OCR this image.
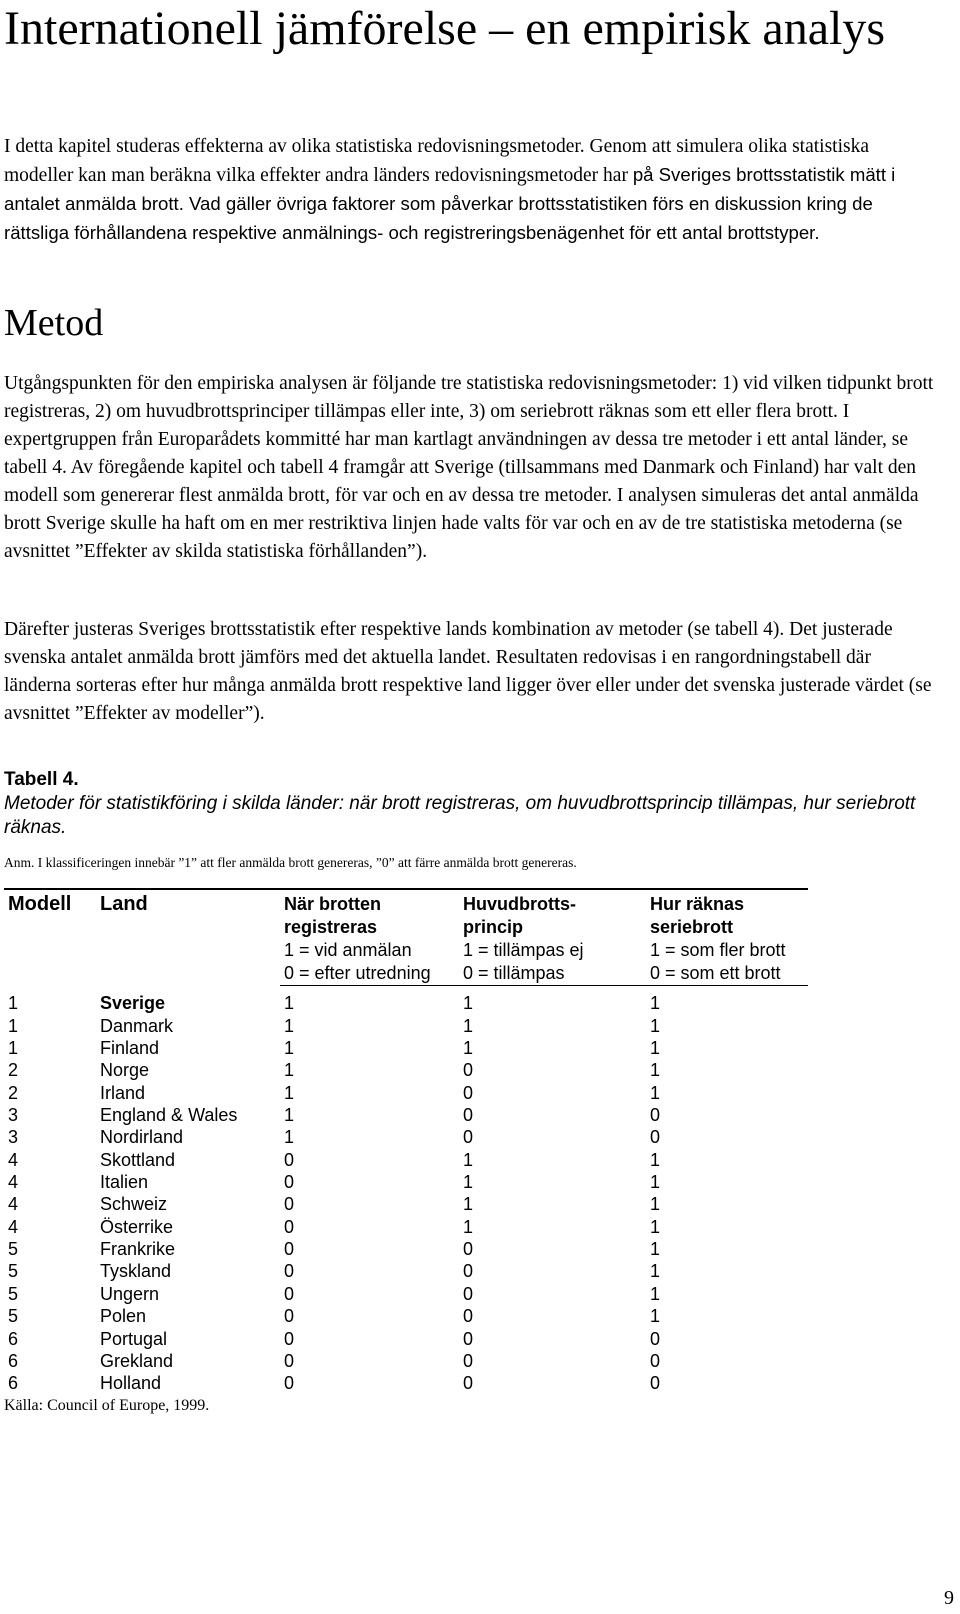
Internationell jämförelse – en empirisk analys

I detta kapitel studeras effekterna av olika statistiska redovisningsmetoder. Genom att simulera olika statistiska modeller kan man beräkna vilka effekter andra länders redovisningsmetoder har på Sveriges brottsstatistik mätt i antalet anmälda brott. Vad gäller övriga faktorer som påverkar brottsstatistiken förs en diskussion kring de rättsliga förhållandena respektive anmälnings- och registreringsbenägenhet för ett antal brottstyper.

Metod

Utgångspunkten för den empiriska analysen är följande tre statistiska redovisningsmetoder: 1) vid vilken tidpunkt brott registreras, 2) om huvudbrottsprinciper tillämpas eller inte, 3) om seriebrott räknas som ett eller flera brott. I expertgruppen från Europarådets kommitté har man kartlagt användningen av dessa tre metoder i ett antal länder, se tabell 4. Av föregående kapitel och tabell 4 framgår att Sverige (tillsammans med Danmark och Finland) har valt den modell som genererar flest anmälda brott, för var och en av dessa tre metoder. I analysen simuleras det antal anmälda brott Sverige skulle ha haft om en mer restriktiva linjen hade valts för var och en av de tre statistiska metoderna (se avsnittet ”Effekter av skilda statistiska förhållanden”).

Därefter justeras Sveriges brottsstatistik efter respektive lands kombination av metoder (se tabell 4). Det justerade svenska antalet anmälda brott jämförs med det aktuella landet. Resultaten redovisas i en rangordningstabell där länderna sorteras efter hur många anmälda brott respektive land ligger över eller under det svenska justerade värdet (se avsnittet ”Effekter av modeller”).

Tabell 4.
Metoder för statistikföring i skilda länder: när brott registreras, om huvudbrottsprincip tillämpas, hur seriebrott räknas.

Anm. I klassificeringen innebär ”1” att fler anmälda brott genereras, ”0” att färre anmälda brott genereras.

Modell	Land	När brotten	Huvudbrotts-	Hur räknas
		registreras	princip	seriebrott
		1 = vid anmälan	1 = tillämpas ej	1 = som fler brott
		0 = efter utredning	0 = tillämpas	0 = som ett brott
1	Sverige	1	1	1
1	Danmark	1	1	1
1	Finland	1	1	1
2	Norge	1	0	1
2	Irland	1	0	1
3	England & Wales	1	0	0
3	Nordirland	1	0	0
4	Skottland	0	1	1
4	Italien	0	1	1
4	Schweiz	0	1	1
4	Österrike	0	1	1
5	Frankrike	0	0	1
5	Tyskland	0	0	1
5	Ungern	0	0	1
5	Polen	0	0	1
6	Portugal	0	0	0
6	Grekland	0	0	0
6	Holland	0	0	0

Källa: Council of Europe, 1999.

9
